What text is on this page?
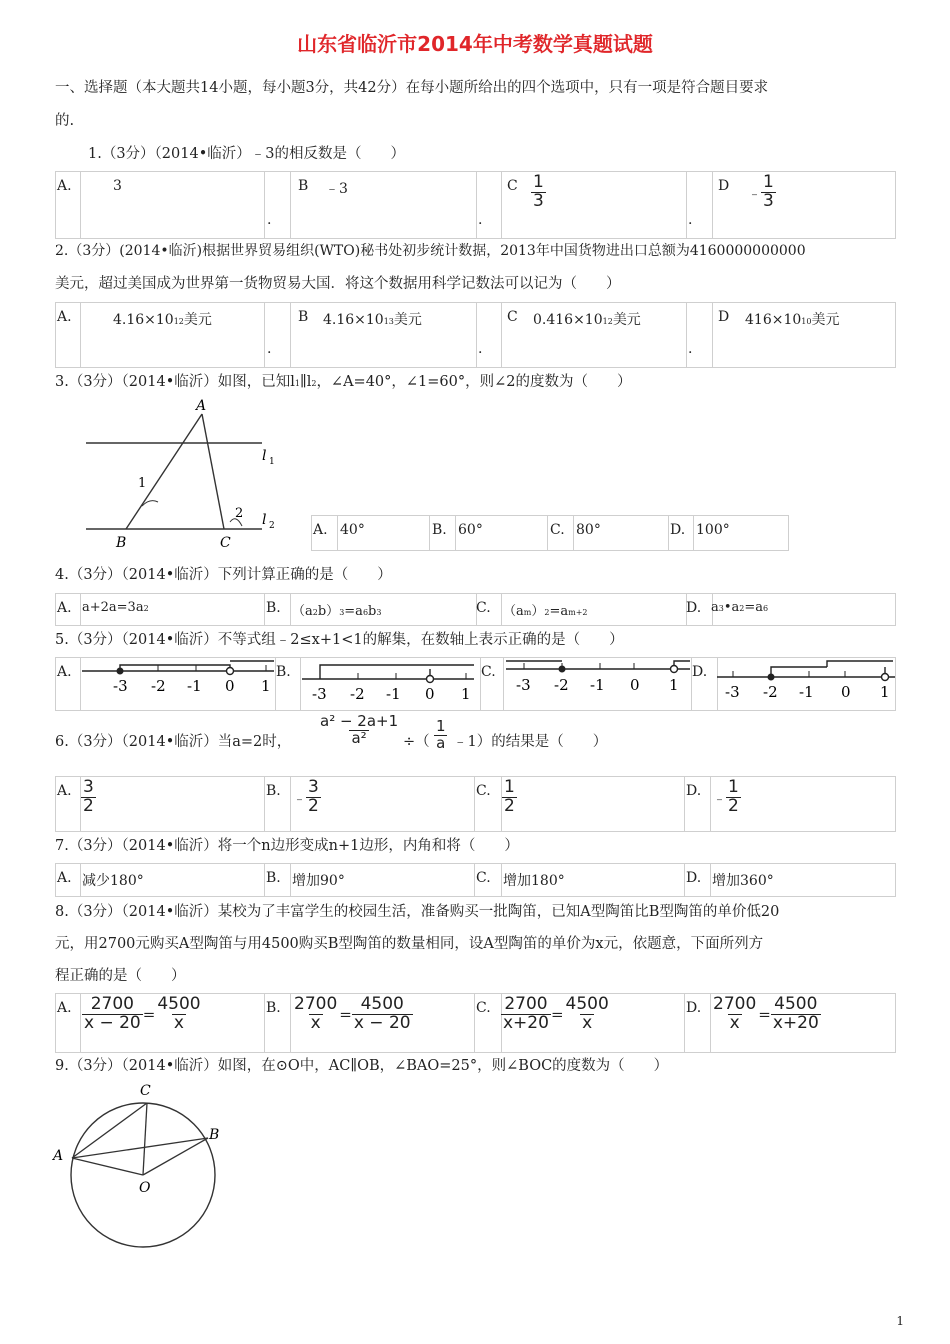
山东省临沂市2014年中考数学真题试题
一、选择题（本大题共14小题，每小题3分，共42分）在每小题所给出的四个选项中，只有一项是符合题目要求
的.
1.（3分）（2014•临沂）﹣3的相反数是（　　）
A.	3
.
B ﹣3
.
C $\frac{1}{3}$
.
D
﹣ $\frac{1}{3}$
2.（3分）(2014•临沂)根据世界贸易组织(WTO)秘书处初步统计数据，2013年中国货物进出口总额为4160000000000
美元，超过美国成为世界第一货物贸易大国．将这个数据用科学记数法可以记为（　　）
A.	4.16×1012美元
.
B 4.16×1013美元
.
C 0.416×1012美元
.
D 416×1010美元
3.（3分）（2014•临沂）如图，已知l1∥l2，∠A=40°，∠1=60°，则∠2的度数为（　　）
A
B	C
l 1
l 2
1
2
A. 40°	B. 60°	C. 80°	D. 100°
4.（3分）（2014•临沂）下列计算正确的是（　　）
A. a+2a=3a2	B. （a2b）3=a6b3	C. （am）2=am+2	D. a3•a2=a6
5.（3分）（2014•临沂）不等式组﹣2≤x+1<1的解集，在数轴上表示正确的是（　　）
A.	B.	C.	D.
-3 -2 -1 0 1	-3 -2 -1 0 1	-3 -2 -1 0 1	-3 -2 -1 0 1
6.（3分）（2014•临沂）当a=2时， $\frac{\text{a² − 2a+1}}{\text{a²}}$ ÷（ $\frac{1}{a}$ ﹣1）的结果是（　　）
A. $\frac{3}{2}$	B.
﹣ $\frac{3}{2}$	C. $\frac{1}{2}$	D.
﹣ $\frac{1}{2}$
7.（3分）（2014•临沂）将一个n边形变成n+1边形，内角和将（　　）
A. 减少180°	B. 增加90°	C. 增加180°	D. 增加360°
8.（3分）（2014•临沂）某校为了丰富学生的校园生活，准备购买一批陶笛，已知A型陶笛比B型陶笛的单价低20
元，用2700元购买A型陶笛与用4500购买B型陶笛的数量相同，设A型陶笛的单价为x元，依题意，下面所列方
程正确的是（　　）
A. $\frac{2700}{x - 20} = \frac{4500}{x}$	B. $\frac{2700}{x} = \frac{4500}{x - 20}$	C. $\frac{2700}{x+20} = \frac{4500}{x}$	D. $\frac{2700}{x} = \frac{4500}{x+20}$
9.（3分）（2014•临沂）如图，在⊙O中，AC∥OB，∠BAO=25°，则∠BOC的度数为（　　）
C
A
B
O
1
